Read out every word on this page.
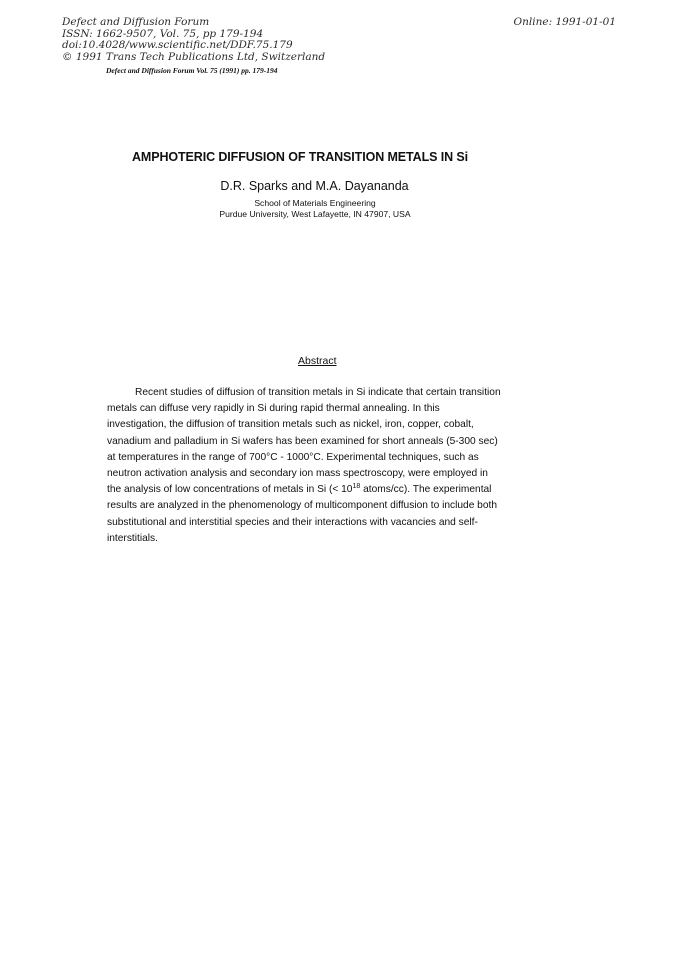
Defect and Diffusion Forum
ISSN: 1662-9507, Vol. 75, pp 179-194
doi:10.4028/www.scientific.net/DDF.75.179
© 1991 Trans Tech Publications Ltd, Switzerland
Online: 1991-01-01
Defect and Diffusion Forum Vol. 75 (1991) pp. 179-194
AMPHOTERIC DIFFUSION OF TRANSITION METALS IN Si
D.R. Sparks and M.A. Dayananda
School of Materials Engineering
Purdue University, West Lafayette, IN 47907, USA
Abstract
Recent studies of diffusion of transition metals in Si indicate that certain transition
metals can diffuse very rapidly in Si during rapid thermal annealing. In this
investigation, the diffusion of transition metals such as nickel, iron, copper, cobalt,
vanadium and palladium in Si wafers has been examined for short anneals (5-300 sec)
at temperatures in the range of 700°C - 1000°C. Experimental techniques, such as
neutron activation analysis and secondary ion mass spectroscopy, were employed in
the analysis of low concentrations of metals in Si (< $10^{18}$ atoms/cc). The experimental
results are analyzed in the phenomenology of multicomponent diffusion to include both
substitutional and interstitial species and their interactions with vacancies and self-
interstitials.
